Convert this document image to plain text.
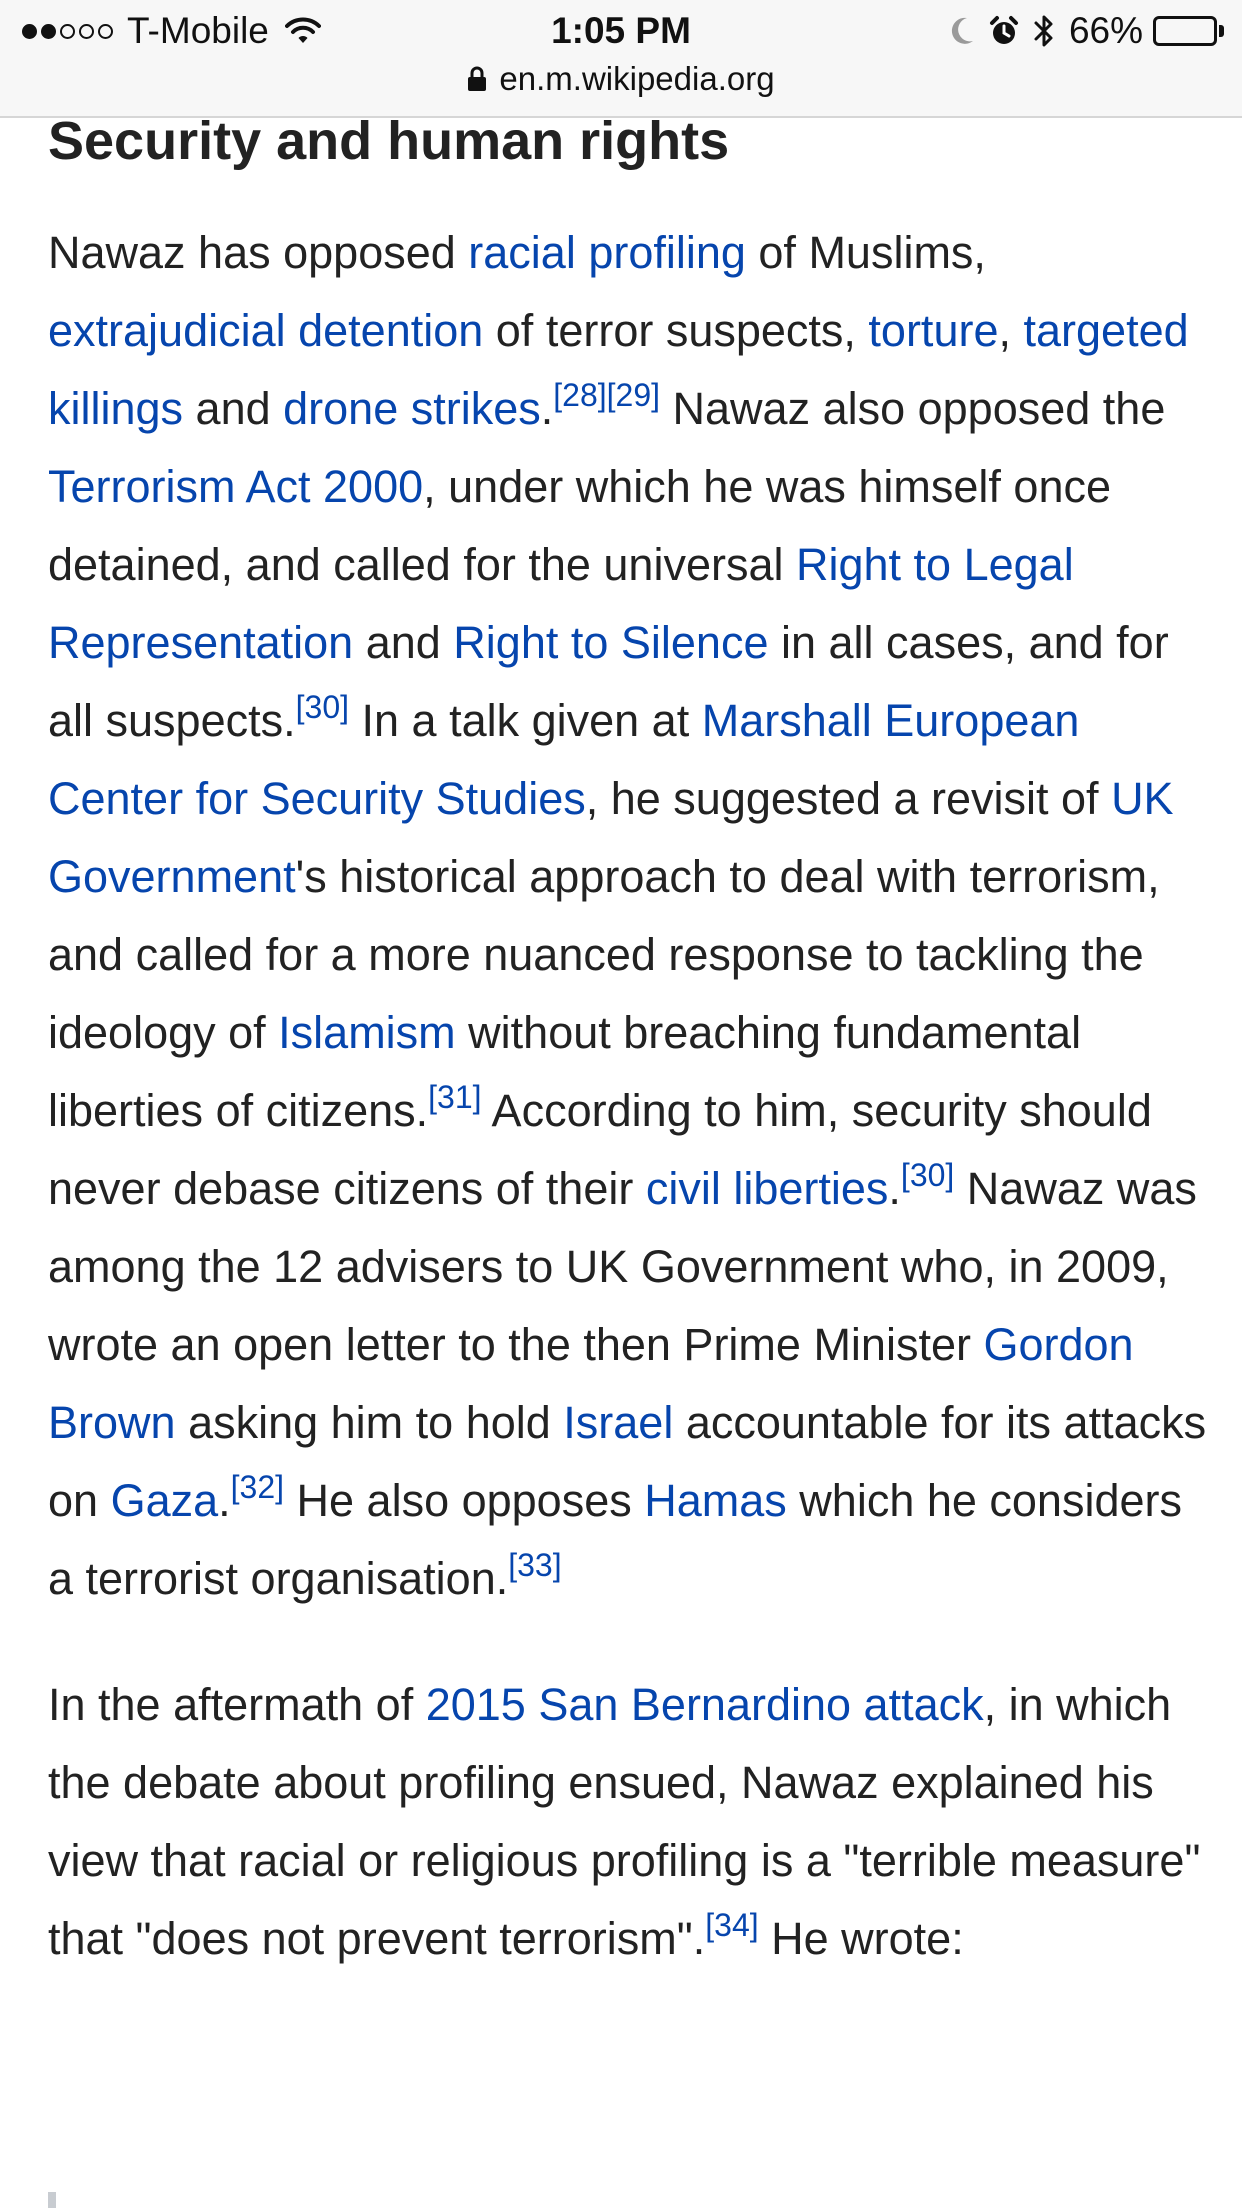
T-Mobile	1:05 PM	66%
en.m.wikipedia.org
Security and human rights

Nawaz has opposed racial profiling of Muslims, extrajudicial detention of terror suspects, torture, targeted killings and drone strikes.[28][29] Nawaz also opposed the Terrorism Act 2000, under which he was himself once detained, and called for the universal Right to Legal Representation and Right to Silence in all cases, and for all suspects.[30] In a talk given at Marshall European Center for Security Studies, he suggested a revisit of UK Government's historical approach to deal with terrorism, and called for a more nuanced response to tackling the ideology of Islamism without breaching fundamental liberties of citizens.[31] According to him, security should never debase citizens of their civil liberties.[30] Nawaz was among the 12 advisers to UK Government who, in 2009, wrote an open letter to the then Prime Minister Gordon Brown asking him to hold Israel accountable for its attacks on Gaza.[32] He also opposes Hamas which he considers a terrorist organisation.[33]

In the aftermath of 2015 San Bernardino attack, in which the debate about profiling ensued, Nawaz explained his view that racial or religious profiling is a "terrible measure" that "does not prevent terrorism".[34] He wrote:
